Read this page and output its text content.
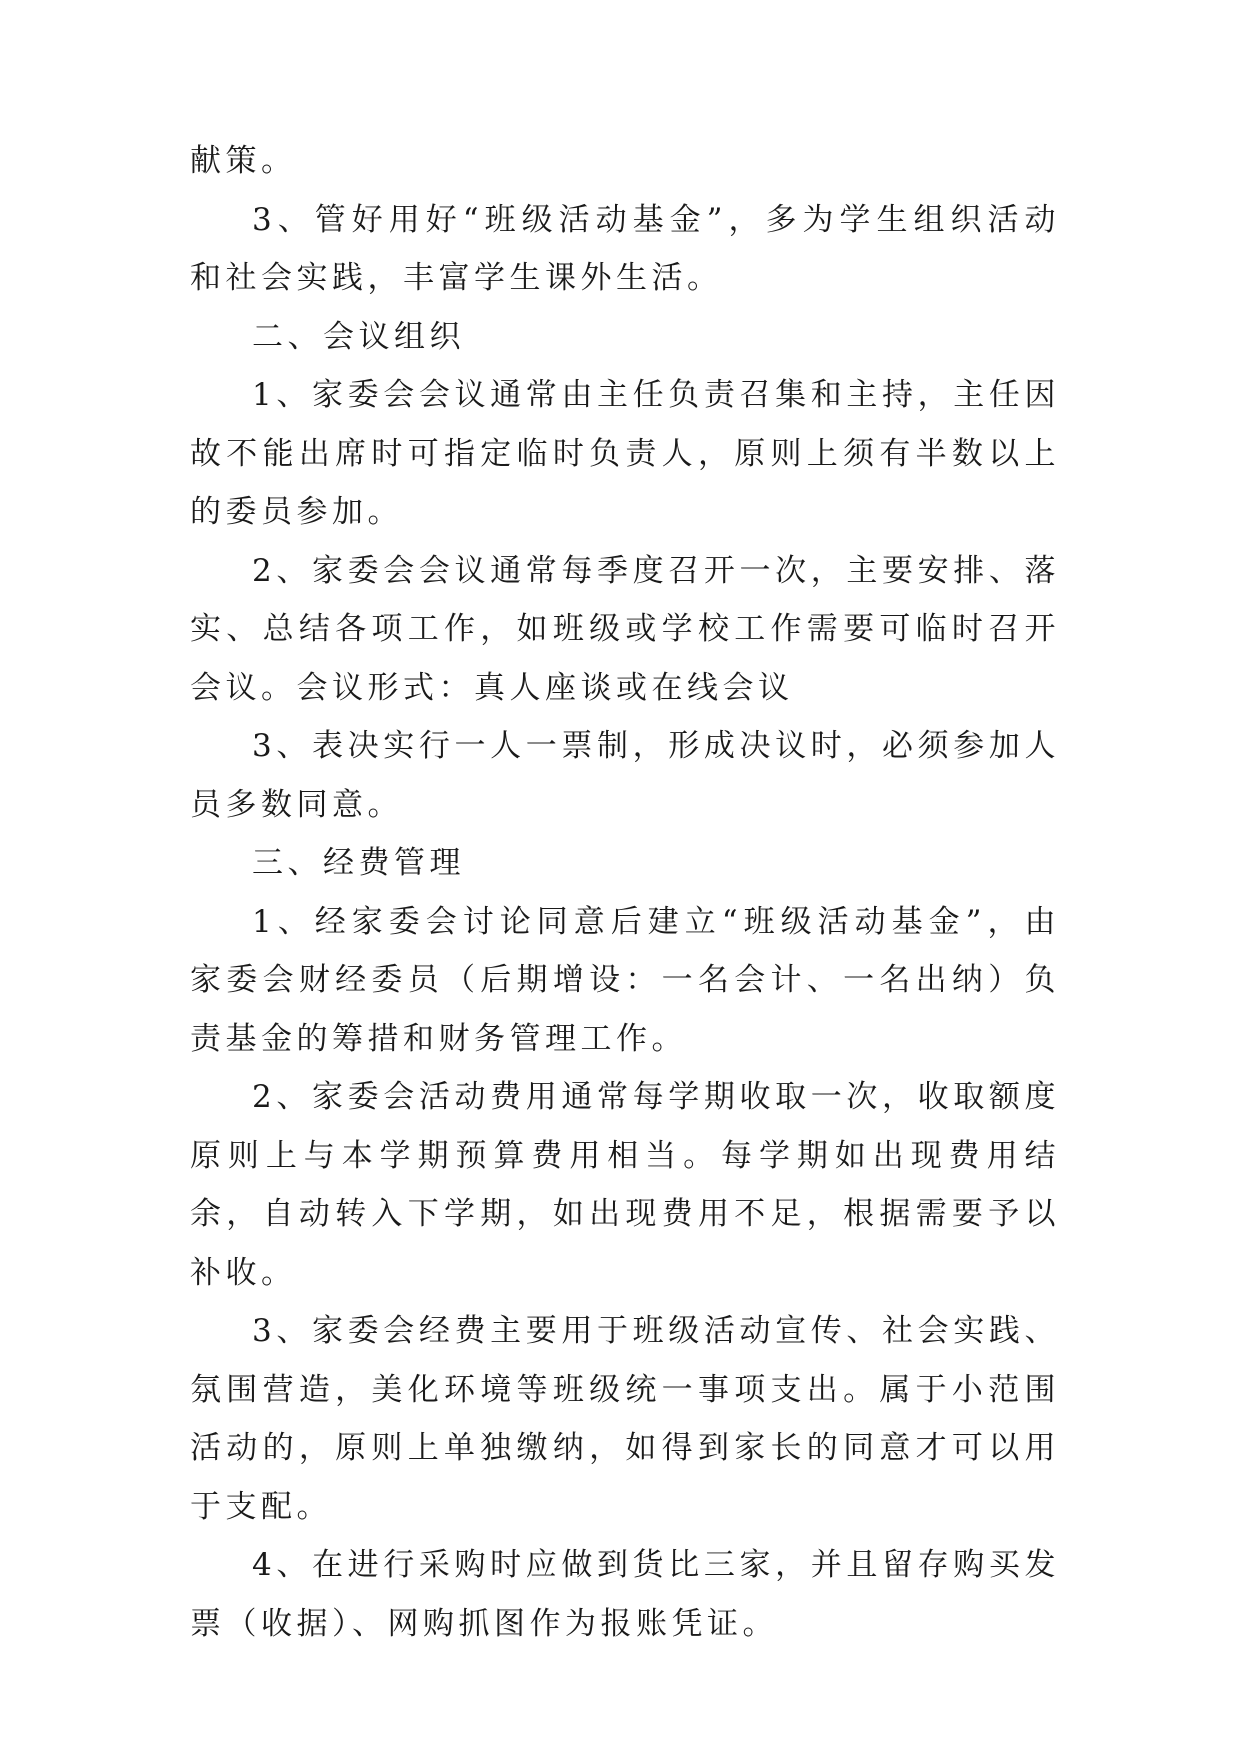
献策。

3、管好用好“班级活动基金”，多为学生组织活动和社会实践，丰富学生课外生活。

二、会议组织

1、家委会会议通常由主任负责召集和主持，主任因故不能出席时可指定临时负责人，原则上须有半数以上的委员参加。

2、家委会会议通常每季度召开一次，主要安排、落实、总结各项工作，如班级或学校工作需要可临时召开会议。会议形式：真人座谈或在线会议

3、表决实行一人一票制，形成决议时，必须参加人员多数同意。

三、经费管理

1、经家委会讨论同意后建立“班级活动基金”，由家委会财经委员（后期增设：一名会计、一名出纳）负责基金的筹措和财务管理工作。

2、家委会活动费用通常每学期收取一次，收取额度原则上与本学期预算费用相当。每学期如出现费用结余，自动转入下学期，如出现费用不足，根据需要予以补收。

3、家委会经费主要用于班级活动宣传、社会实践、氛围营造，美化环境等班级统一事项支出。属于小范围活动的，原则上单独缴纳，如得到家长的同意才可以用于支配。

4、在进行采购时应做到货比三家，并且留存购买发票（收据）、网购抓图作为报账凭证。
